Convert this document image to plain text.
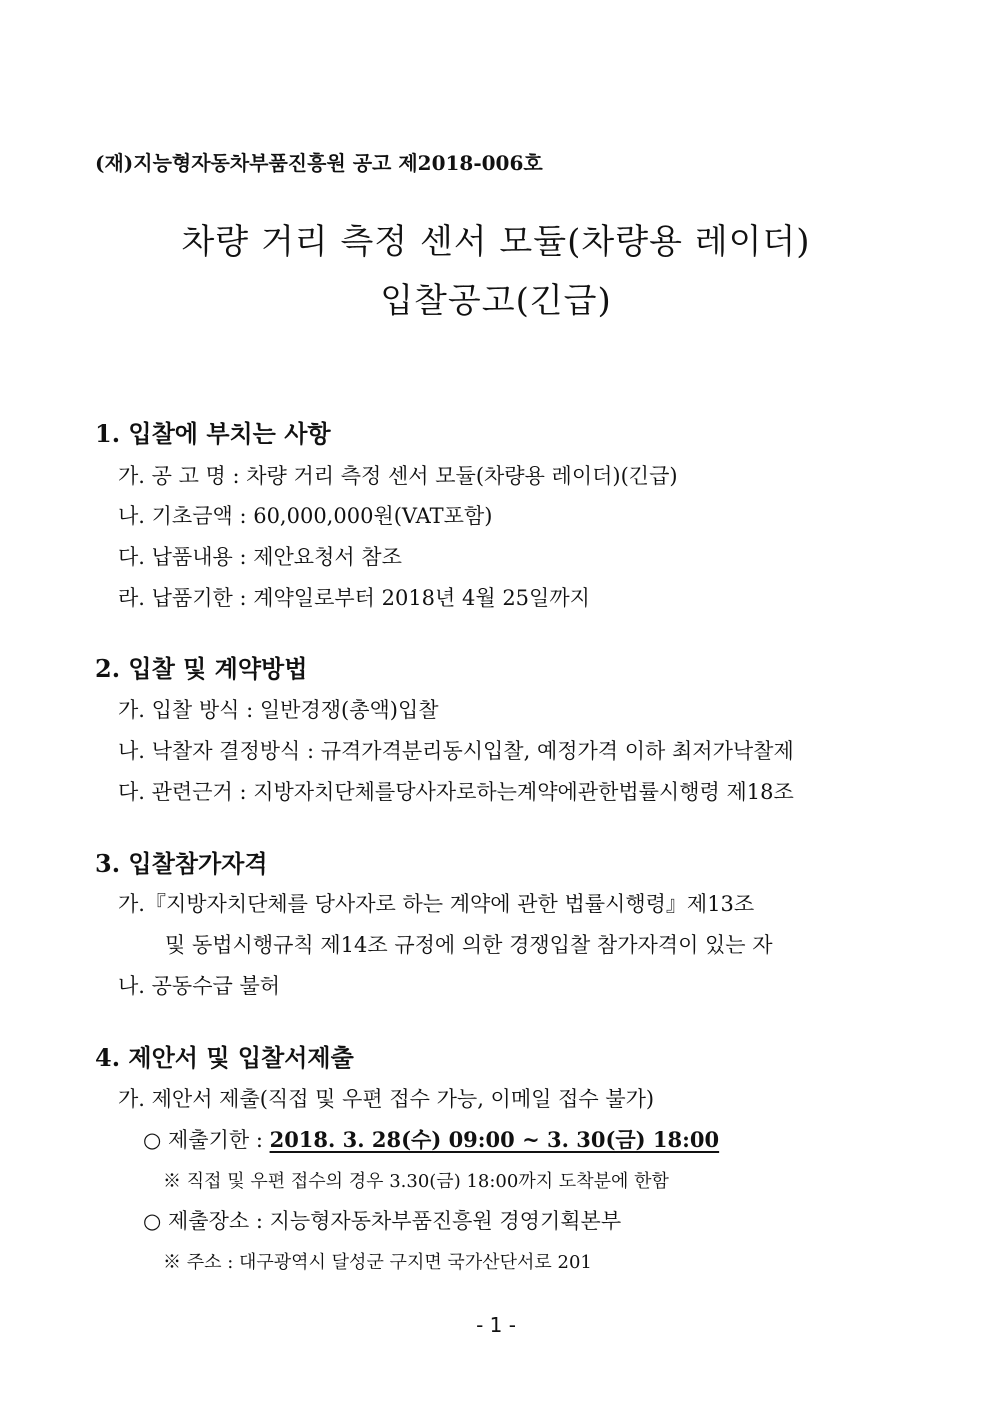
(재)지능형자동차부품진흥원 공고 제2018-006호
차량 거리 측정 센서 모듈(차량용 레이더)
입찰공고(긴급)
1. 입찰에 부치는 사항
가. 공 고 명 : 차량 거리 측정 센서 모듈(차량용 레이더)(긴급)
나. 기초금액 : 60,000,000원(VAT포함)
다. 납품내용 : 제안요청서 참조
라. 납품기한 : 계약일로부터 2018년 4월 25일까지
2. 입찰 및 계약방법
가. 입찰 방식 : 일반경쟁(총액)입찰
나. 낙찰자 결정방식 : 규격가격분리동시입찰, 예정가격 이하 최저가낙찰제
다. 관련근거 : 지방자치단체를당사자로하는계약에관한법률시행령 제18조
3. 입찰참가자격
가.『지방자치단체를 당사자로 하는 계약에 관한 법률시행령』제13조
및 동법시행규칙 제14조 규정에 의한 경쟁입찰 참가자격이 있는 자
나. 공동수급 불허
4. 제안서 및 입찰서제출
가. 제안서 제출(직접 및 우편 접수 가능, 이메일 접수 불가)
○ 제출기한 : 2018. 3. 28(수) 09:00 ~ 3. 30(금) 18:00
※ 직접 및 우편 접수의 경우 3.30(금) 18:00까지 도착분에 한함
○ 제출장소 : 지능형자동차부품진흥원 경영기획본부
※ 주소 : 대구광역시 달성군 구지면 국가산단서로 201
- 1 -
